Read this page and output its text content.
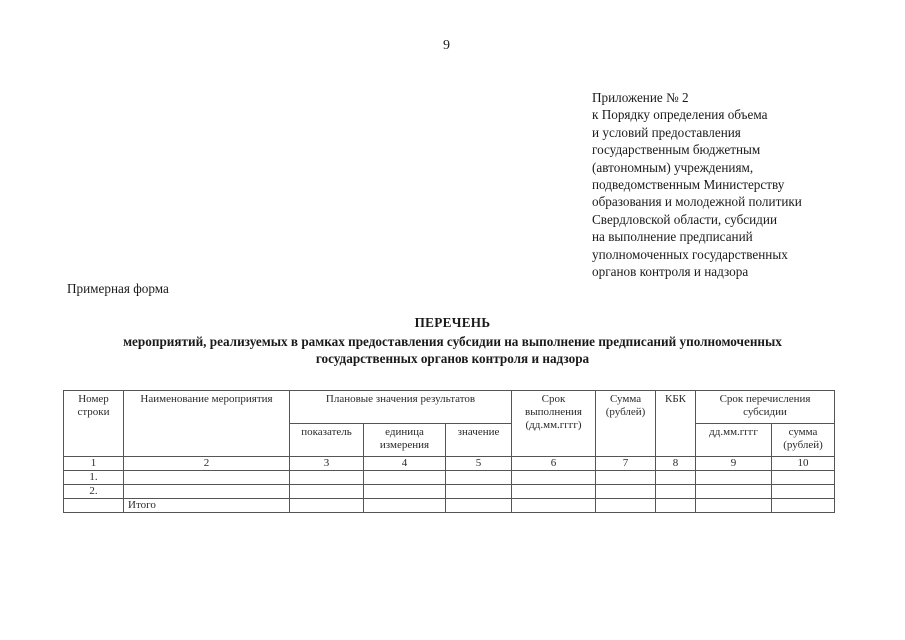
9
Приложение № 2
к Порядку определения объема
и условий предоставления
государственным бюджетным
(автономным) учреждениям,
подведомственным Министерству
образования и молодежной политики
Свердловской области, субсидии
на выполнение предписаний
уполномоченных государственных
органов контроля и надзора
Примерная форма
ПЕРЕЧЕНЬ
мероприятий, реализуемых в рамках предоставления субсидии на выполнение предписаний уполномоченных
государственных органов контроля и надзора
Номер строки	Наименование мероприятия	Плановые значения результатов			Срок выполнения (дд.мм.гггг)	Сумма (рублей)	КБК	Срок перечисления субсидии	
		показатель	единица измерения	значение				дд.мм.гггг	сумма (рублей)
1	2	3	4	5	6	7	8	9	10
1.									
2.									
	Итого								
